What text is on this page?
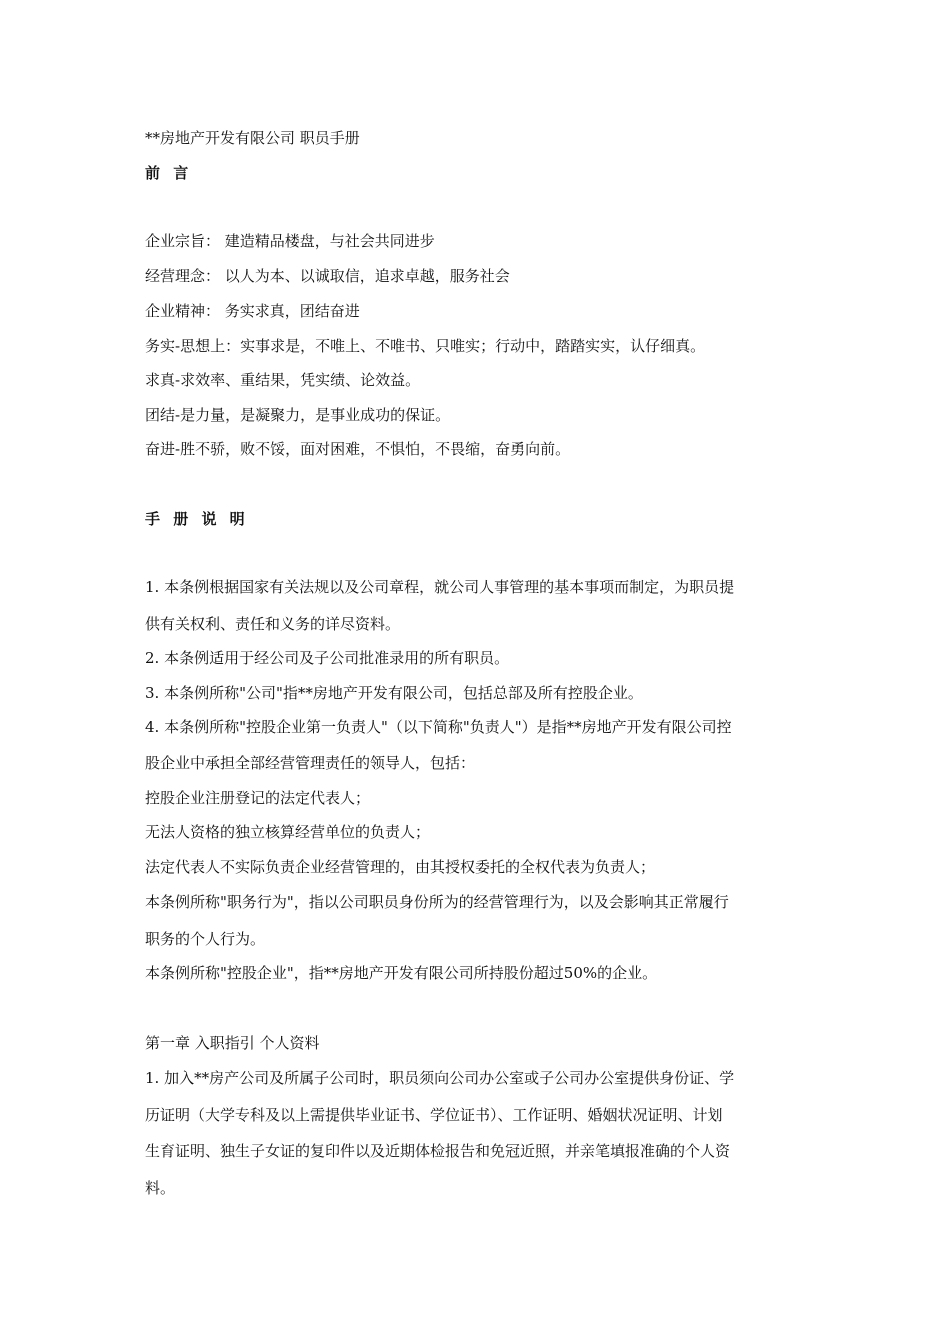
**房地产开发有限公司 职员手册
前 言
企业宗旨： 建造精品楼盘，与社会共同进步
经营理念： 以人为本、以诚取信，追求卓越，服务社会
企业精神： 务实求真，团结奋进
务实-思想上：实事求是，不唯上、不唯书、只唯实；行动中，踏踏实实，认仔细真。
求真-求效率、重结果，凭实绩、论效益。
团结-是力量，是凝聚力，是事业成功的保证。
奋进-胜不骄，败不馁，面对困难，不惧怕，不畏缩，奋勇向前。
手 册 说 明
1. 本条例根据国家有关法规以及公司章程，就公司人事管理的基本事项而制定，为职员提
供有关权利、责任和义务的详尽资料。
2. 本条例适用于经公司及子公司批准录用的所有职员。
3. 本条例所称"公司"指**房地产开发有限公司，包括总部及所有控股企业。
4. 本条例所称"控股企业第一负责人"（以下简称"负责人"）是指**房地产开发有限公司控
股企业中承担全部经营管理责任的领导人，包括：
控股企业注册登记的法定代表人；
无法人资格的独立核算经营单位的负责人；
法定代表人不实际负责企业经营管理的，由其授权委托的全权代表为负责人；
本条例所称"职务行为"，指以公司职员身份所为的经营管理行为，以及会影响其正常履行
职务的个人行为。
本条例所称"控股企业"，指**房地产开发有限公司所持股份超过50%的企业。
第一章 入职指引 个人资料
1. 加入**房产公司及所属子公司时，职员须向公司办公室或子公司办公室提供身份证、学
历证明（大学专科及以上需提供毕业证书、学位证书）、工作证明、婚姻状况证明、计划
生育证明、独生子女证的复印件以及近期体检报告和免冠近照，并亲笔填报准确的个人资
料。
